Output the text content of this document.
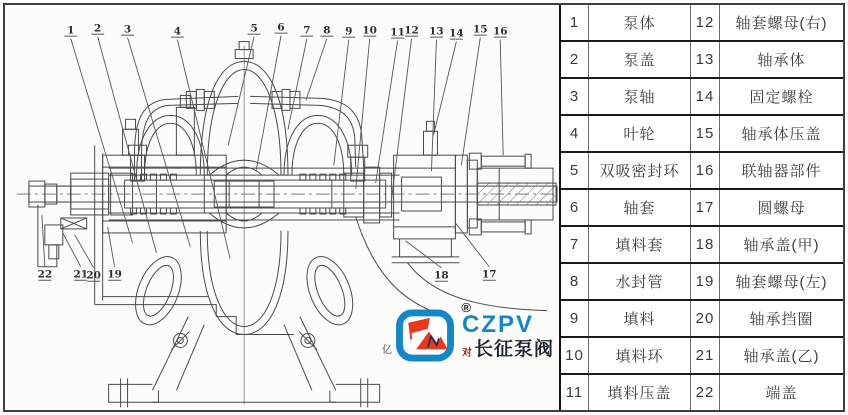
1 2 3	4	5 6 7 8 9 10 11 12 13 14 15 16
17
18
19
20
21
22
®
亿
CZPV
对 长征泵阀
1	泵体	12	轴套螺母(右)
2	泵盖	13	轴承体
3	泵轴	14	固定螺栓
4	叶轮	15	轴承体压盖
5	双吸密封环	16	联轴器部件
6	轴套	17	圆螺母
7	填料套	18	轴承盖(甲)
8	水封管	19	轴套螺母(左)
9	填料	20	轴承挡圈
10	填料环	21	轴承盖(乙)
11	填料压盖	22	端盖
